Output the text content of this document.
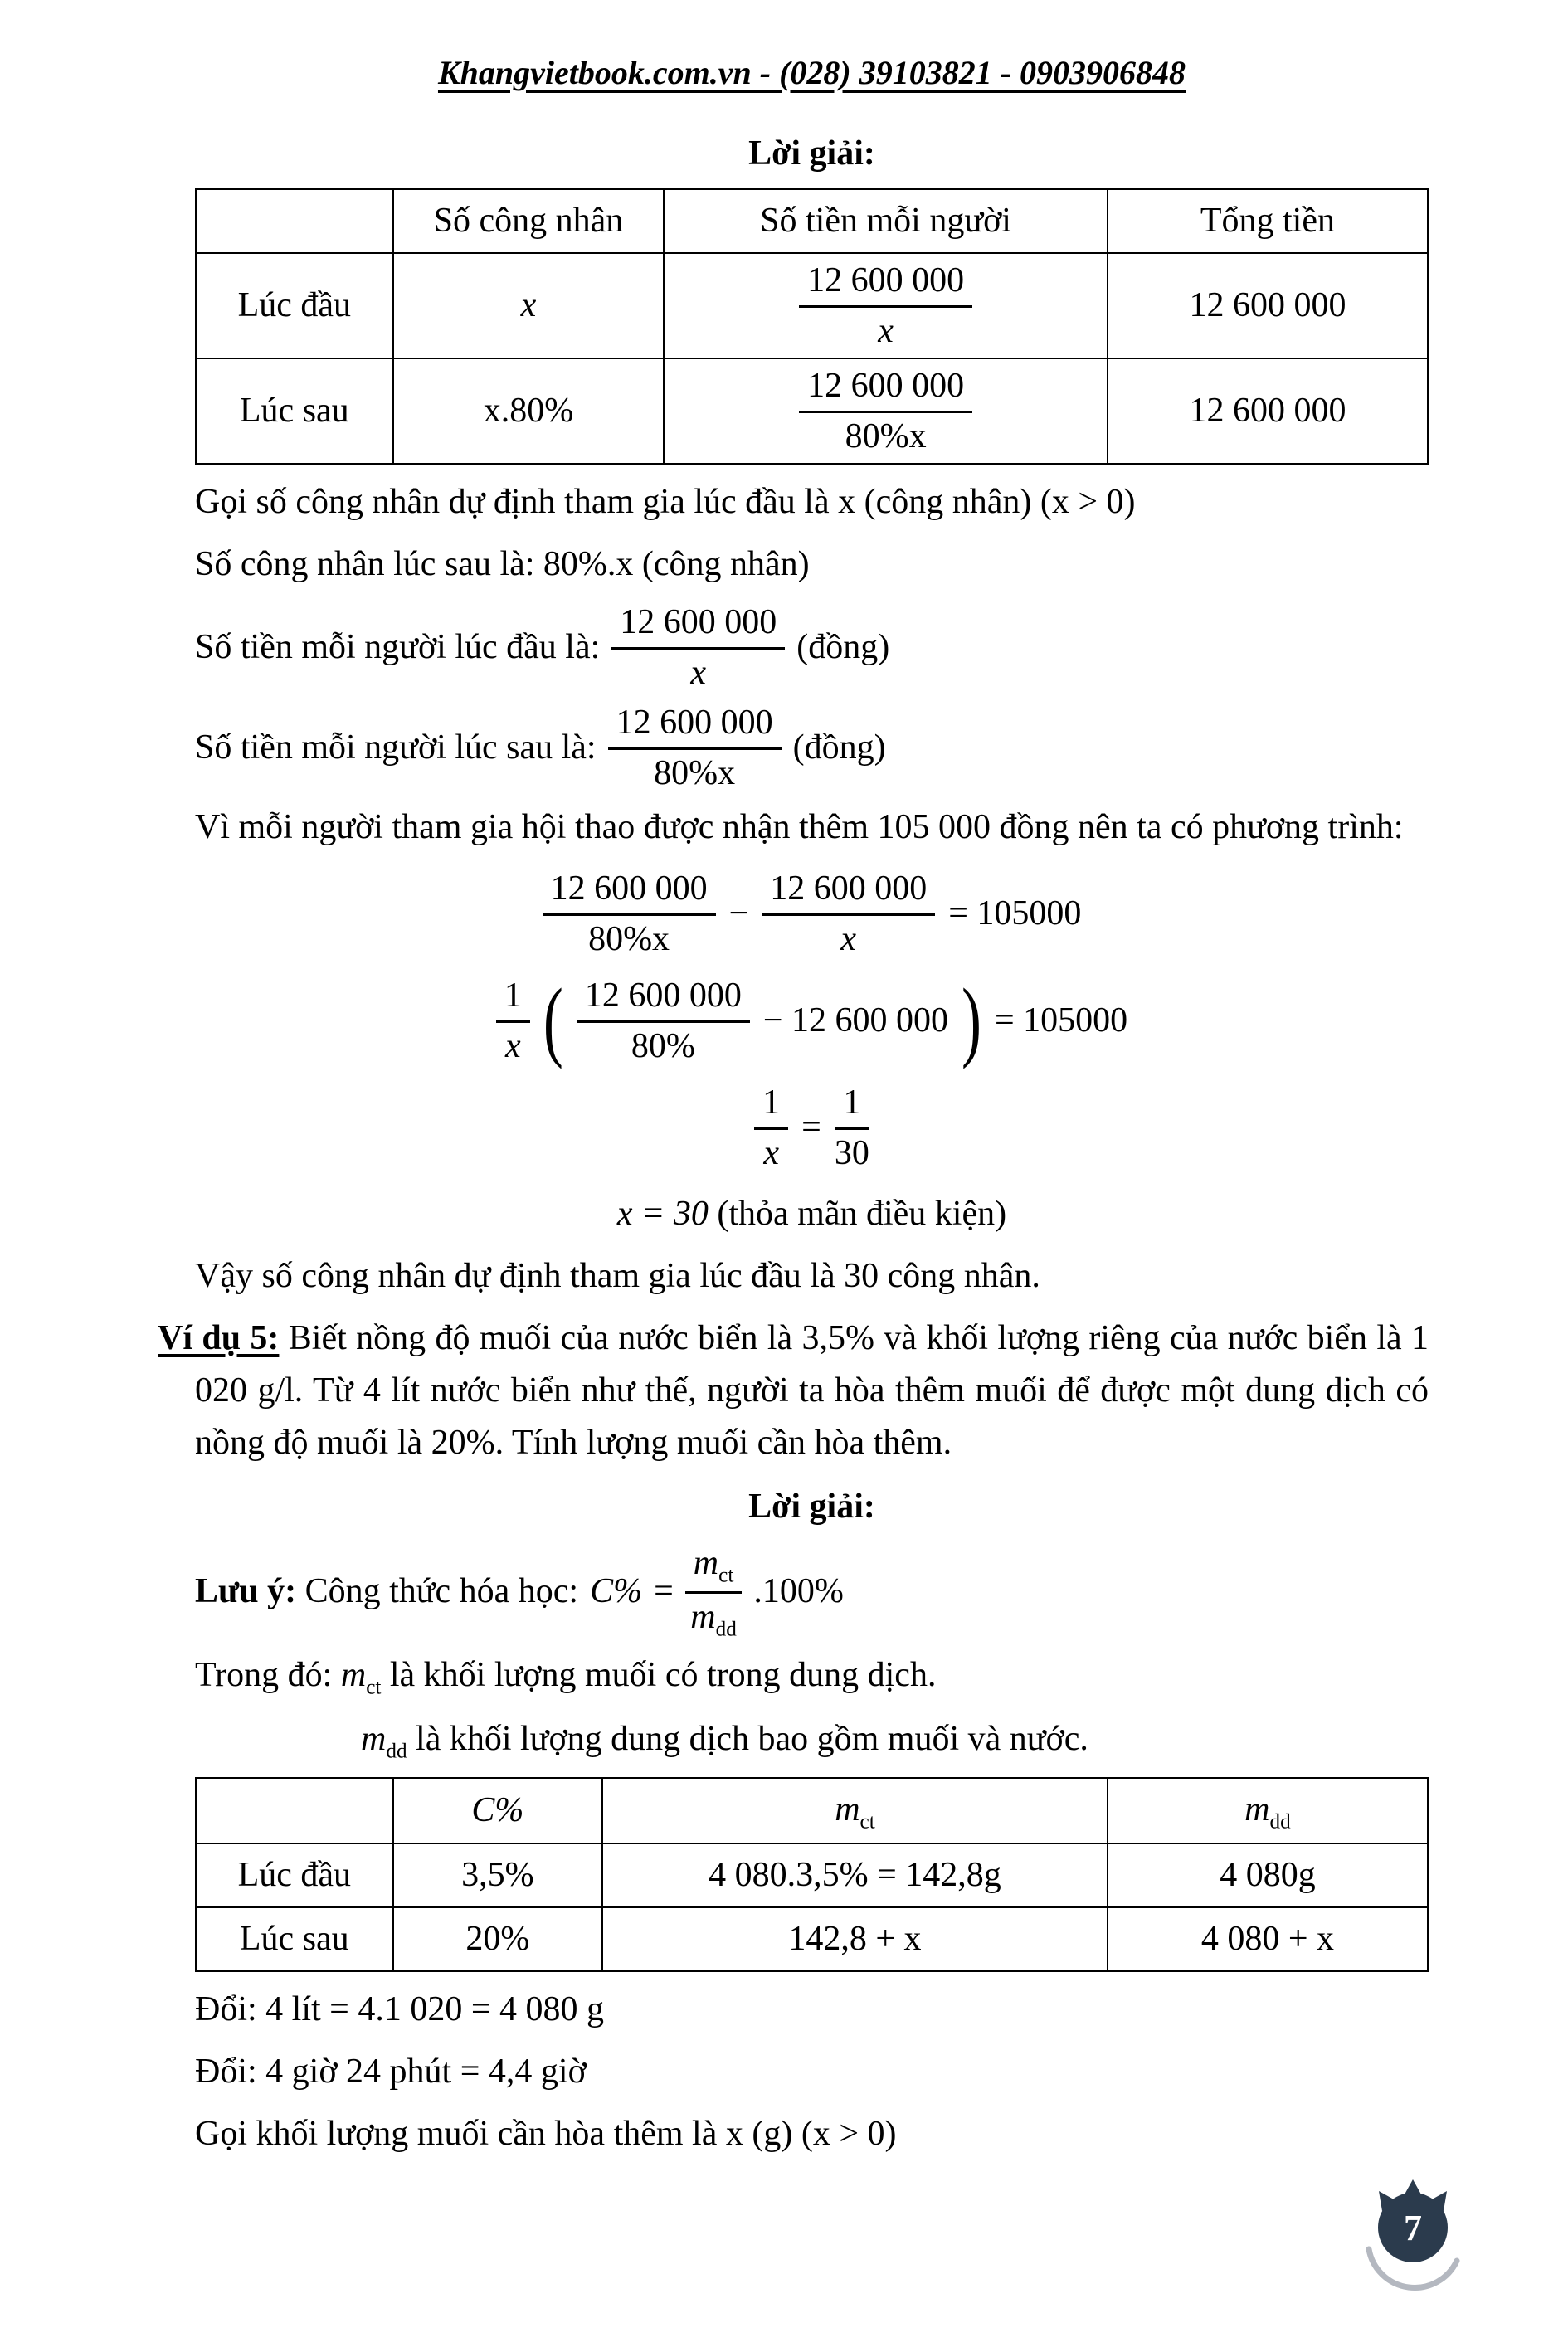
Khangvietbook.com.vn - (028) 39103821 - 0903906848
Lời giải:
	Số công nhân	Số tiền mỗi người	Tổng tiền
Lúc đầu	x	$\frac{12 600 000}{x}$	12 600 000
Lúc sau	x.80%	$\frac{12 600 000}{80\%x}$	12 600 000

Gọi số công nhân dự định tham gia lúc đầu là x (công nhân) (x > 0)

Số công nhân lúc sau là: 80%.x (công nhân)

Số tiền mỗi người lúc đầu là: $\frac{12 600 000}{x}$ (đồng)
Số tiền mỗi người lúc sau là: $\frac{12 600 000}{80\%x}$ (đồng)

Vì mỗi người tham gia hội thao được nhận thêm 105 000 đồng nên ta có phương trình:

$\frac{12 600 000}{80\%x} - \frac{12 600 000}{x} = 105000$
$\frac{1}{x}$ ( $\frac{12 600 000}{80\%} - 12$ 600 000 ) = 105000
$\frac{1}{x} = \frac{1}{30}$
x = 30 (thỏa mãn điều kiện)

Vậy số công nhân dự định tham gia lúc đầu là 30 công nhân.

Ví dụ 5: Biết nồng độ muối của nước biển là 3,5% và khối lượng riêng của nước biển là 1 020 g/l. Từ 4 lít nước biển như thế, người ta hòa thêm muối để được một dung dịch có nồng độ muối là 20%. Tính lượng muối cần hòa thêm.
Lời giải:
Lưu ý: Công thức hóa học: $C\% = \frac{m_{ct}}{m_{dd}} .100\%$

Trong đó: $m_{ct}$ là khối lượng muối có trong dung dịch.

$m_{dd}$ là khối lượng dung dịch bao gồm muối và nước.

	C%	$m_{ct}$	$m_{dd}$
Lúc đầu	3,5%	4 080.3,5% = 142,8g	4 080g
Lúc sau	20%	142,8 + x	4 080 + x

Đổi: 4 lít = 4.1 020 = 4 080 g

Đổi: 4 giờ 24 phút = 4,4 giờ

Gọi khối lượng muối cần hòa thêm là x (g) (x > 0)

7
